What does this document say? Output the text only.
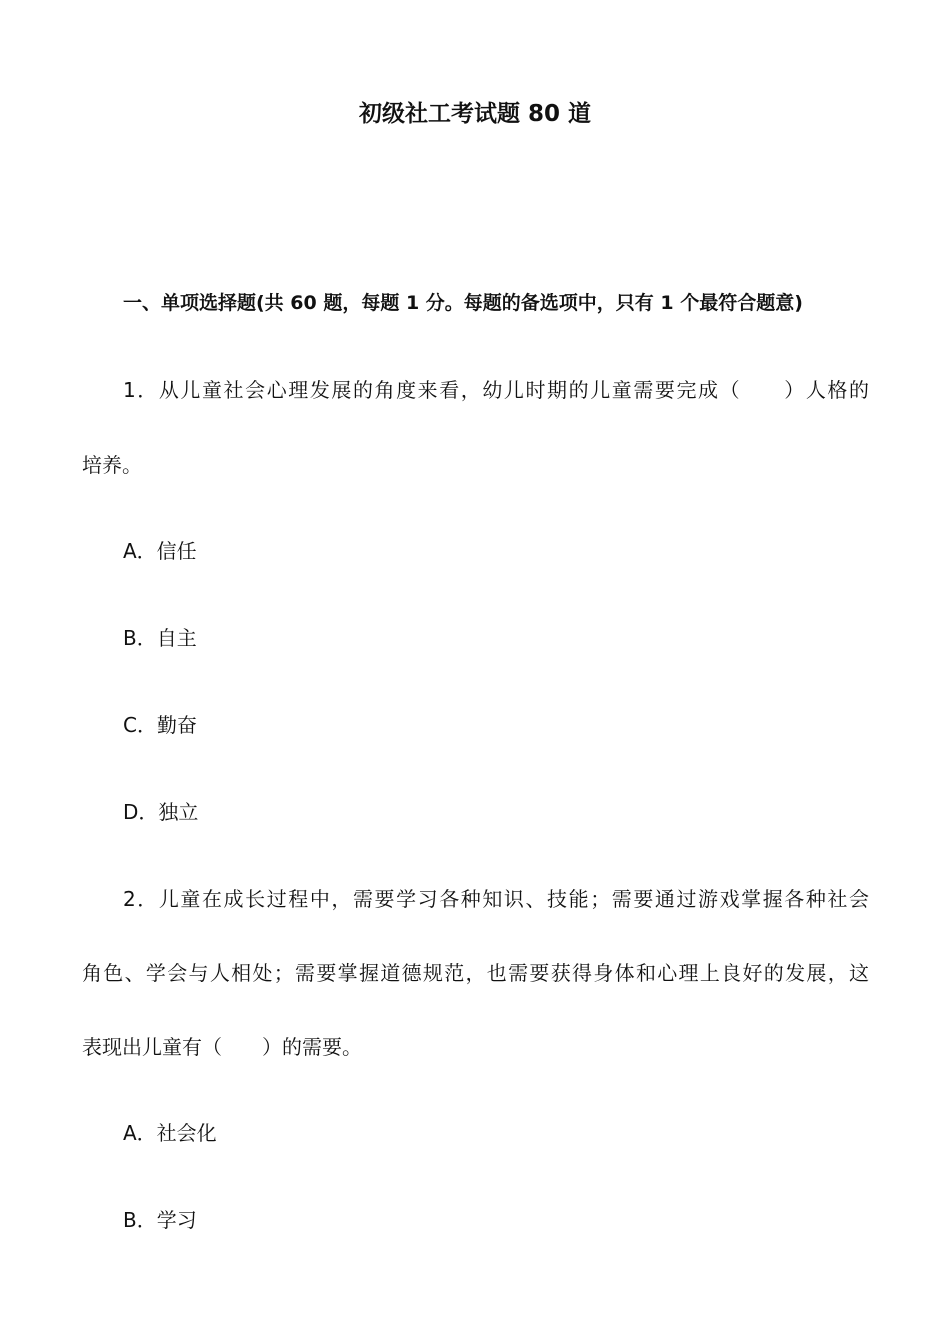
初级社工考试题 80 道
一、单项选择题(共 60 题，每题 1 分。每题的备选项中，只有 1 个最符合题意)
1．从儿童社会心理发展的角度来看，幼儿时期的儿童需要完成（　　）人格的
培养。
A．信任
B．自主
C．勤奋
D．独立
2．儿童在成长过程中，需要学习各种知识、技能；需要通过游戏掌握各种社会
角色、学会与人相处；需要掌握道德规范，也需要获得身体和心理上良好的发展，这
表现出儿童有（　　）的需要。
A．社会化
B．学习
